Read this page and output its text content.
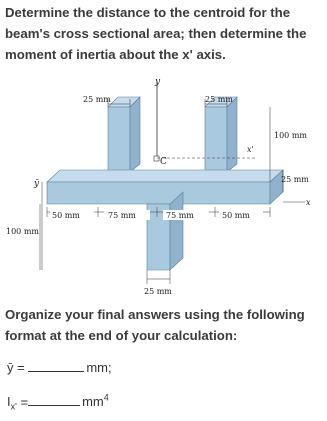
Determine the distance to the centroid for the
beam's cross sectional area; then determine the
moment of inertia about the x' axis.
y
C
x'
x
25 mm	25 mm
100 mm
25 mm
ȳ
50 mm	75 mm	75 mm	50 mm
100 mm
25 mm
Organize your final answers using the following
format at the end of your calculation:
ȳ =	mm;
$I_{x'}$ =	$mm^4$
